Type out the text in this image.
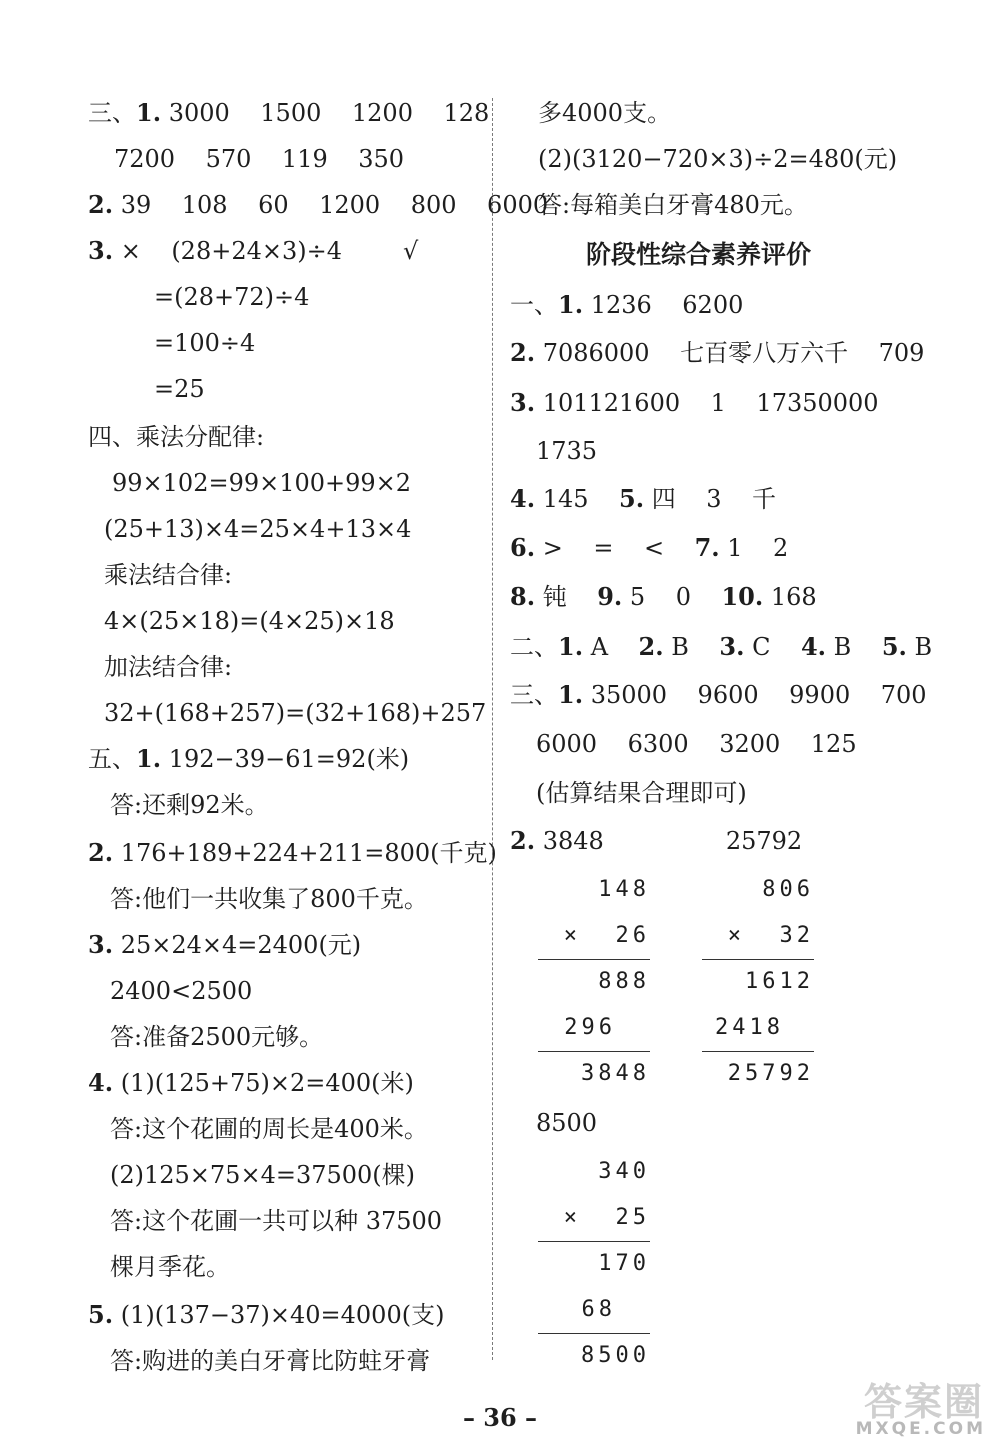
三、1. 3000    1500    1200    128
7200    570    119    350
2. 39    108    60    1200    800    6000
3. ×    (28+24×3)÷4        √
=(28+72)÷4
=100÷4
=25
四、乘法分配律:
99×102=99×100+99×2
(25+13)×4=25×4+13×4
乘法结合律:
4×(25×18)=(4×25)×18
加法结合律:
32+(168+257)=(32+168)+257
五、1. 192−39−61=92(米)
答:还剩92米。
2. 176+189+224+211=800(千克)
答:他们一共收集了800千克。
3. 25×24×4=2400(元)
2400<2500
答:准备2500元够。
4. (1)(125+75)×2=400(米)
答:这个花圃的周长是400米。
(2)125×75×4=37500(棵)
答:这个花圃一共可以种 37500
棵月季花。
5. (1)(137−37)×40=4000(支)
答:购进的美白牙膏比防蛀牙膏
阶段性综合素养评价
148
×  26
888
296
3848
806
×  32
1612
2418
25792
340
×  25
170
68
8500
多4000支。
(2)(3120−720×3)÷2=480(元)
答:每箱美白牙膏480元。
一、1. 1236    6200
2. 7086000    七百零八万六千    709
3. 101121600    1    17350000
1735
4. 145    5. 四    3    千
6. >    =    <    7. 1    2
8. 钝    9. 5    0    10. 168
二、1. A    2. B    3. C    4. B    5. B
三、1. 35000    9600    9900    700
6000    6300    3200    125
(估算结果合理即可)
2. 3848                25792
8500
– 36 –	答案圈
MXQE.COM
